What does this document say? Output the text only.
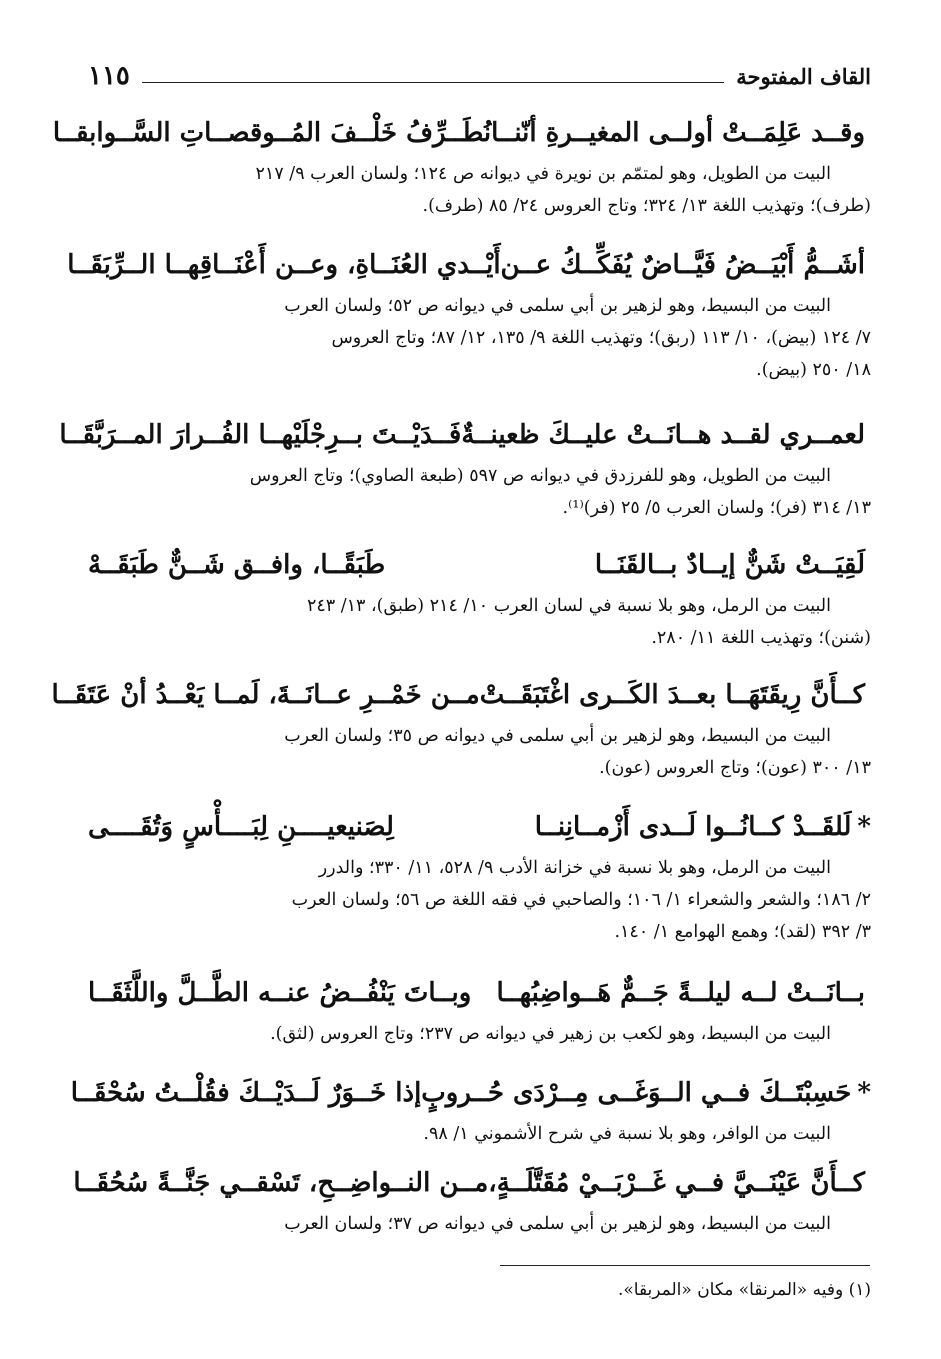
القاف المفتوحة
١١٥
وقــد عَلِمَــتْ أولــى المغيــرةِ أنّنــا
نُطَــرِّفُ خَلْــفَ المُــوقصــاتِ السَّــوابقــا
البيت من الطويل، وهو لمتمّم بن نويرة في ديوانه ص ١٢٤؛ ولسان العرب ٩/ ٢١٧
(طرف)؛ وتهذيب اللغة ١٣/ ٣٢٤؛ وتاج العروس ٢٤/ ٨٥ (طرف).
أشَــمُّ أَبْيَــضُ فَيَّــاضٌ يُفَكِّــكُ عــن
أَيْــدي العُنَــاةِ، وعــن أَعْنَــاقِهــا الــرِّبَقَــا
البيت من البسيط، وهو لزهير بن أبي سلمى في ديوانه ص ٥٢؛ ولسان العرب
٧/ ١٢٤ (بيض)، ١٠/ ١١٣ (ربق)؛ وتهذيب اللغة ٩/ ١٣٥، ١٢/ ٨٧؛ وتاج العروس
١٨/ ٢٥٠ (بيض).
لعمــري لقــد هــانَــتْ عليــكَ ظعينــةٌ
فَــدَيْــتَ بــرِجْلَيْهــا الفُــرارَ المــرَبَّقَــا
البيت من الطويل، وهو للفرزدق في ديوانه ص ٥٩٧ (طبعة الصاوي)؛ وتاج العروس
١٣/ ٣١٤ (فر)؛ ولسان العرب ٥/ ٢٥ (فر)⁽¹⁾.
لَقِيَــتْ شَنٌّ إيــادٌ بــالقَنَــا
طَبَقًــا، وافــق شَــنٌّ طَبَقَــهْ
البيت من الرمل، وهو بلا نسبة في لسان العرب ١٠/ ٢١٤ (طبق)، ١٣/ ٢٤٣
(شنن)؛ وتهذيب اللغة ١١/ ٢٨٠.
كــأَنَّ رِيقَتَهَــا بعــدَ الكَــرى اغْتَبَقَــتْ
مــن خَمْــرِ عــانَــةَ، لَمــا يَعْــدُ أنْ عَتَقَــا
البيت من البسيط، وهو لزهير بن أبي سلمى في ديوانه ص ٣٥؛ ولسان العرب
١٣/ ٣٠٠ (عون)؛ وتاج العروس (عون).
*لَلقَــدْ كــانُــوا لَــدى أَزْمــانِنــا
لِصَنيعيــــنِ لِبَــــأْسٍ وَتُقَــــى
البيت من الرمل، وهو بلا نسبة في خزانة الأدب ٩/ ٥٢٨، ١١/ ٣٣٠؛ والدرر
٢/ ١٨٦؛ والشعر والشعراء ١/ ١٠٦؛ والصاحبي في فقه اللغة ص ٥٦؛ ولسان العرب
٣/ ٣٩٢ (لقد)؛ وهمع الهوامع ١/ ١٤٠.
بــانَــتْ لــه ليلــةً جَــمٌّ هَــواضِبُهــا
وبــاتَ يَنْفُــضُ عنــه الطَّــلَّ واللَّثَقَــا
البيت من البسيط، وهو لكعب بن زهير في ديوانه ص ٢٣٧؛ وتاج العروس (لثق).
*حَسِبْتَــكَ فــي الــوَغَــى مِــرْدَى حُــروبٍ
إذا خَــوَرٌ لَــدَيْــكَ فقُلْــتُ سُحْقَــا
البيت من الوافر، وهو بلا نسبة في شرح الأشموني ١/ ٩٨.
كــأَنَّ عَيْنَــيَّ فــي غَــرْبَــيْ مُقَتَّلَــةٍ،
مــن النــواضِــحِ، تَسْقــي جَنَّــةً سُحُقَــا
البيت من البسيط، وهو لزهير بن أبي سلمى في ديوانه ص ٣٧؛ ولسان العرب
(١) وفيه «المرنقا» مكان «المربقا».
